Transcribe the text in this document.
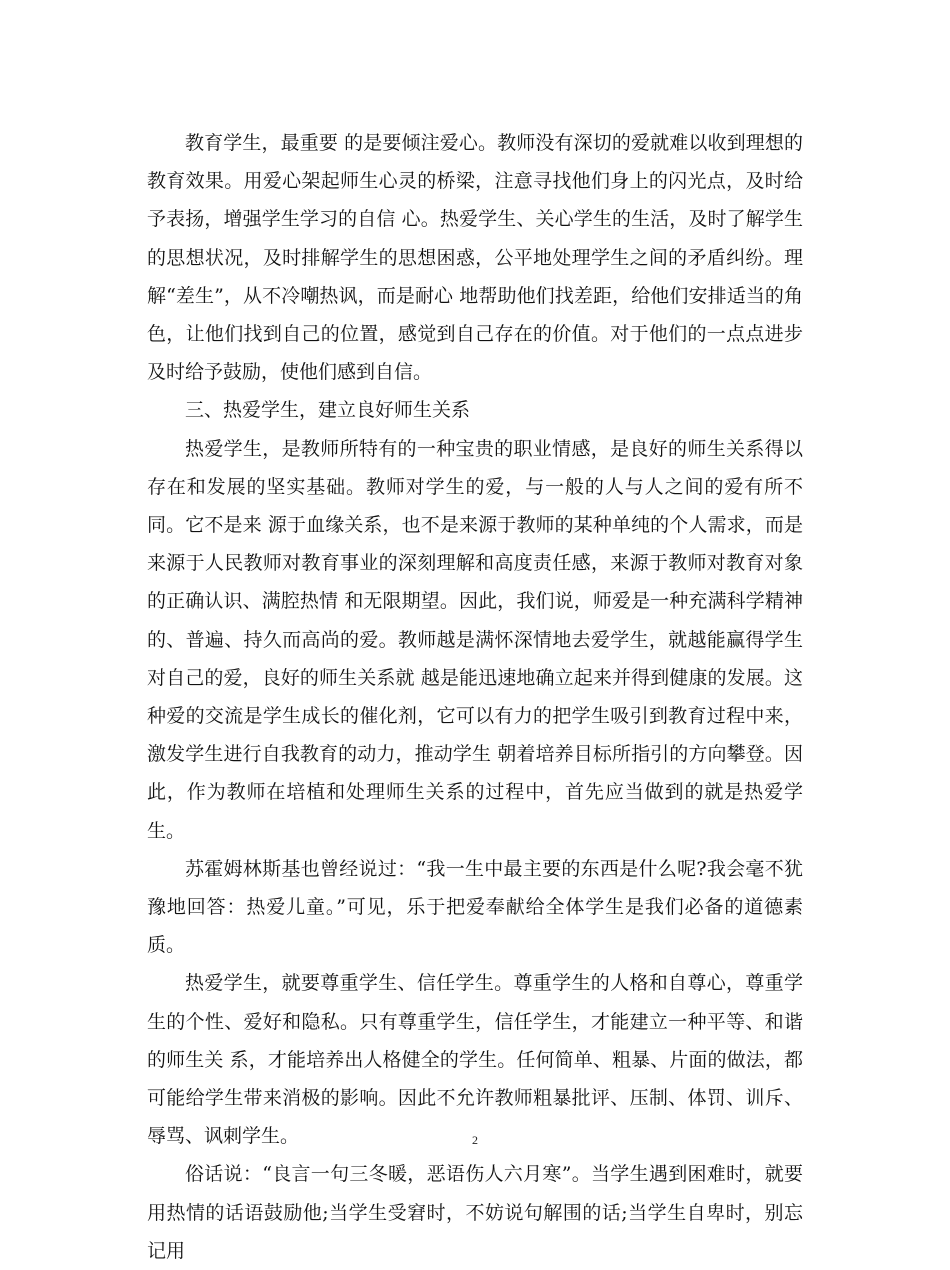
教育学生，最重要 的是要倾注爱心。教师没有深切的爱就难以收到理想的教育效果。用爱心架起师生心灵的桥梁，注意寻找他们身上的闪光点，及时给予表扬，增强学生学习的自信 心。热爱学生、关心学生的生活，及时了解学生的思想状况，及时排解学生的思想困惑，公平地处理学生之间的矛盾纠纷。理解“差生”，从不冷嘲热讽，而是耐心 地帮助他们找差距，给他们安排适当的角色，让他们找到自己的位置，感觉到自己存在的价值。对于他们的一点点进步及时给予鼓励，使他们感到自信。

三、热爱学生，建立良好师生关系

热爱学生，是教师所特有的一种宝贵的职业情感，是良好的师生关系得以存在和发展的坚实基础。教师对学生的爱，与一般的人与人之间的爱有所不同。它不是来 源于血缘关系，也不是来源于教师的某种单纯的个人需求，而是来源于人民教师对教育事业的深刻理解和高度责任感，来源于教师对教育对象的正确认识、满腔热情 和无限期望。因此，我们说，师爱是一种充满科学精神的、普遍、持久而高尚的爱。教师越是满怀深情地去爱学生，就越能赢得学生对自己的爱，良好的师生关系就 越是能迅速地确立起来并得到健康的发展。这种爱的交流是学生成长的催化剂，它可以有力的把学生吸引到教育过程中来，激发学生进行自我教育的动力，推动学生 朝着培养目标所指引的方向攀登。因此，作为教师在培植和处理师生关系的过程中，首先应当做到的就是热爱学生。

苏霍姆林斯基也曾经说过：“我一生中最主要的东西是什么呢?我会毫不犹豫地回答：热爱儿童。”可见，乐于把爱奉献给全体学生是我们必备的道德素质。

热爱学生，就要尊重学生、信任学生。尊重学生的人格和自尊心，尊重学生的个性、爱好和隐私。只有尊重学生，信任学生，才能建立一种平等、和谐的师生关 系，才能培养出人格健全的学生。任何简单、粗暴、片面的做法，都可能给学生带来消极的影响。因此不允许教师粗暴批评、压制、体罚、训斥、辱骂、讽刺学生。

俗话说：“良言一句三冬暖，恶语伤人六月寒”。当学生遇到困难时，就要用热情的话语鼓励他;当学生受窘时，不妨说句解围的话;当学生自卑时，别忘记用

2
